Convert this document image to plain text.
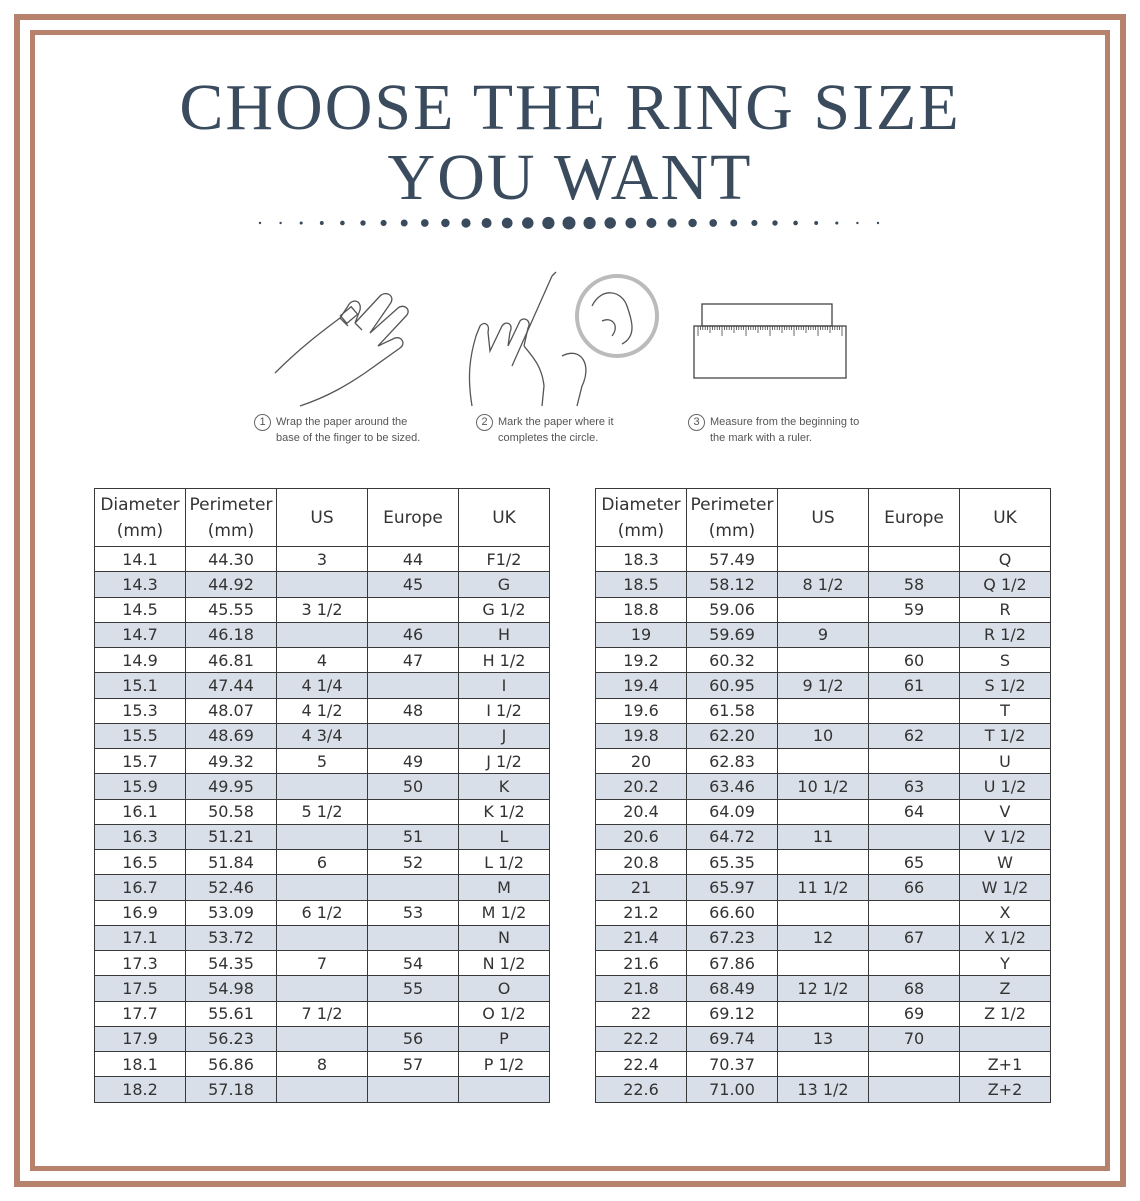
CHOOSE THE RING SIZE
YOU WANT
1 Wrap the paper around the
base of the finger to be sized.
2 Mark the paper where it
completes the circle.
3 Measure from the beginning to
the mark with a ruler.
Diameter
(mm)	Perimeter
(mm)	US	Europe	UK
14.1	44.30	3	44	F1/2
14.3	44.92		45	G
14.5	45.55	3 1/2		G 1/2
14.7	46.18		46	H
14.9	46.81	4	47	H 1/2
15.1	47.44	4 1/4		I
15.3	48.07	4 1/2	48	I 1/2
15.5	48.69	4 3/4		J
15.7	49.32	5	49	J 1/2
15.9	49.95		50	K
16.1	50.58	5 1/2		K 1/2
16.3	51.21		51	L
16.5	51.84	6	52	L 1/2
16.7	52.46			M
16.9	53.09	6 1/2	53	M 1/2
17.1	53.72			N
17.3	54.35	7	54	N 1/2
17.5	54.98		55	O
17.7	55.61	7 1/2		O 1/2
17.9	56.23		56	P
18.1	56.86	8	57	P 1/2
18.2	57.18			
Diameter
(mm)	Perimeter
(mm)	US	Europe	UK
18.3	57.49			Q
18.5	58.12	8 1/2	58	Q 1/2
18.8	59.06		59	R
19	59.69	9		R 1/2
19.2	60.32		60	S
19.4	60.95	9 1/2	61	S 1/2
19.6	61.58			T
19.8	62.20	10	62	T 1/2
20	62.83			U
20.2	63.46	10 1/2	63	U 1/2
20.4	64.09		64	V
20.6	64.72	11		V 1/2
20.8	65.35		65	W
21	65.97	11 1/2	66	W 1/2
21.2	66.60			X
21.4	67.23	12	67	X 1/2
21.6	67.86			Y
21.8	68.49	12 1/2	68	Z
22	69.12		69	Z 1/2
22.2	69.74	13	70	
22.4	70.37			Z+1
22.6	71.00	13 1/2		Z+2
